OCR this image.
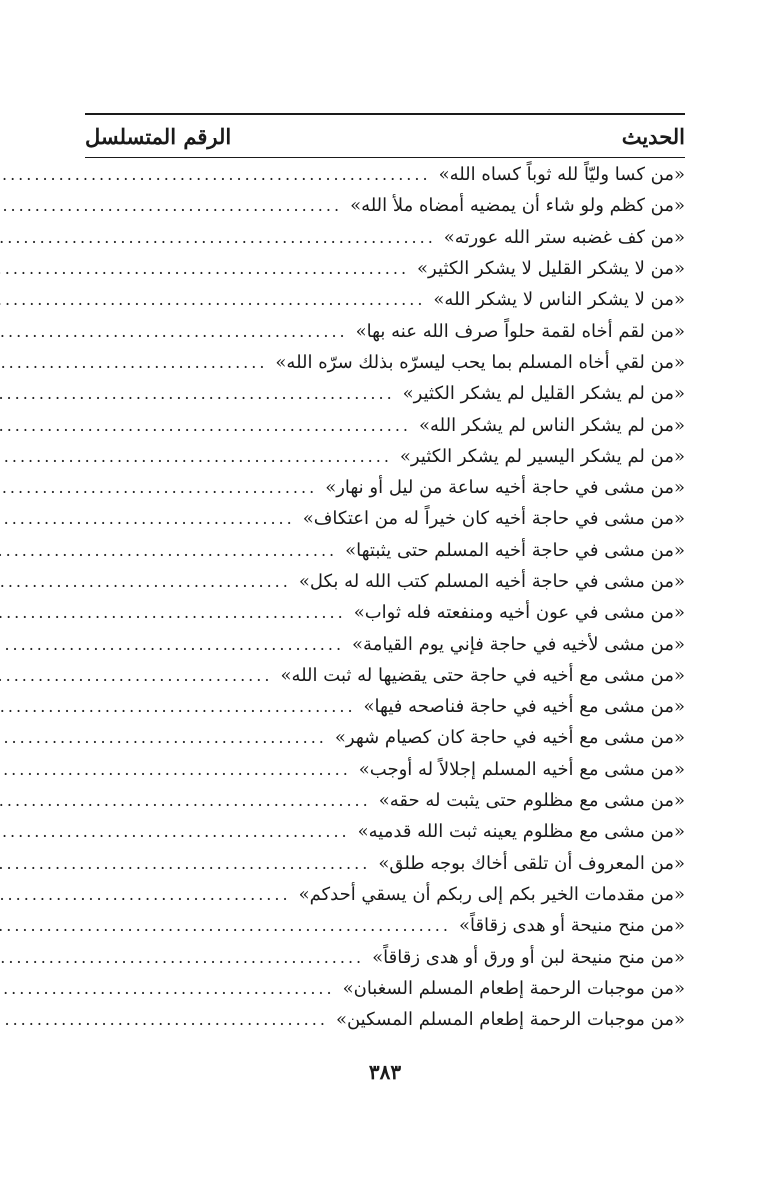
الحديث
الرقم المتسلسل
«من كسا وليّاً لله ثوباً كساه الله»
.....
«من كظم ولو شاء أن يمضيه أمضاه ملأ الله»
.....
«من كف غضبه ستر الله عورته»
.....
«من لا يشكر القليل لا يشكر الكثير»
.....
«من لا يشكر الناس لا يشكر الله»
.....
«من لقم أخاه لقمة حلواً صرف الله عنه بها»
.....
«من لقي أخاه المسلم بما يحب ليسرّه بذلك سرّه الله»
.....
«من لم يشكر القليل لم يشكر الكثير»
.....
«من لم يشكر الناس لم يشكر الله»
.....
«من لم يشكر اليسير لم يشكر الكثير»
.....
«من مشى في حاجة أخيه ساعة من ليل أو نهار»
.....
«من مشى في حاجة أخيه كان خيراً له من اعتكاف»
.....
«من مشى في حاجة أخيه المسلم حتى يثبتها»
.....
«من مشى في حاجة أخيه المسلم كتب الله له بكل»
.....
«من مشى في عون أخيه ومنفعته فله ثواب»
.....
«من مشى لأخيه في حاجة فإني يوم القيامة»
.....
«من مشى مع أخيه في حاجة حتى يقضيها له ثبت الله»
.....
«من مشى مع أخيه في حاجة فناصحه فيها»
.....
«من مشى مع أخيه في حاجة كان كصيام شهر»
.....
«من مشى مع أخيه المسلم إجلالاً له أوجب»
.....
«من مشى مع مظلوم حتى يثبت له حقه»
.....
«من مشى مع مظلوم يعينه ثبت الله قدميه»
.....
«من المعروف أن تلقى أخاك بوجه طلق»
.....
«من مقدمات الخير بكم إلى ربكم أن يسقي أحدكم»
.....
«من منح منيحة أو هدى زقاقاً»
.....
«من منح منيحة لبن أو ورق أو هدى زقاقاً»
.....
«من موجبات الرحمة إطعام المسلم السغبان»
.....
«من موجبات الرحمة إطعام المسلم المسكين»
.....
٣٨٣
